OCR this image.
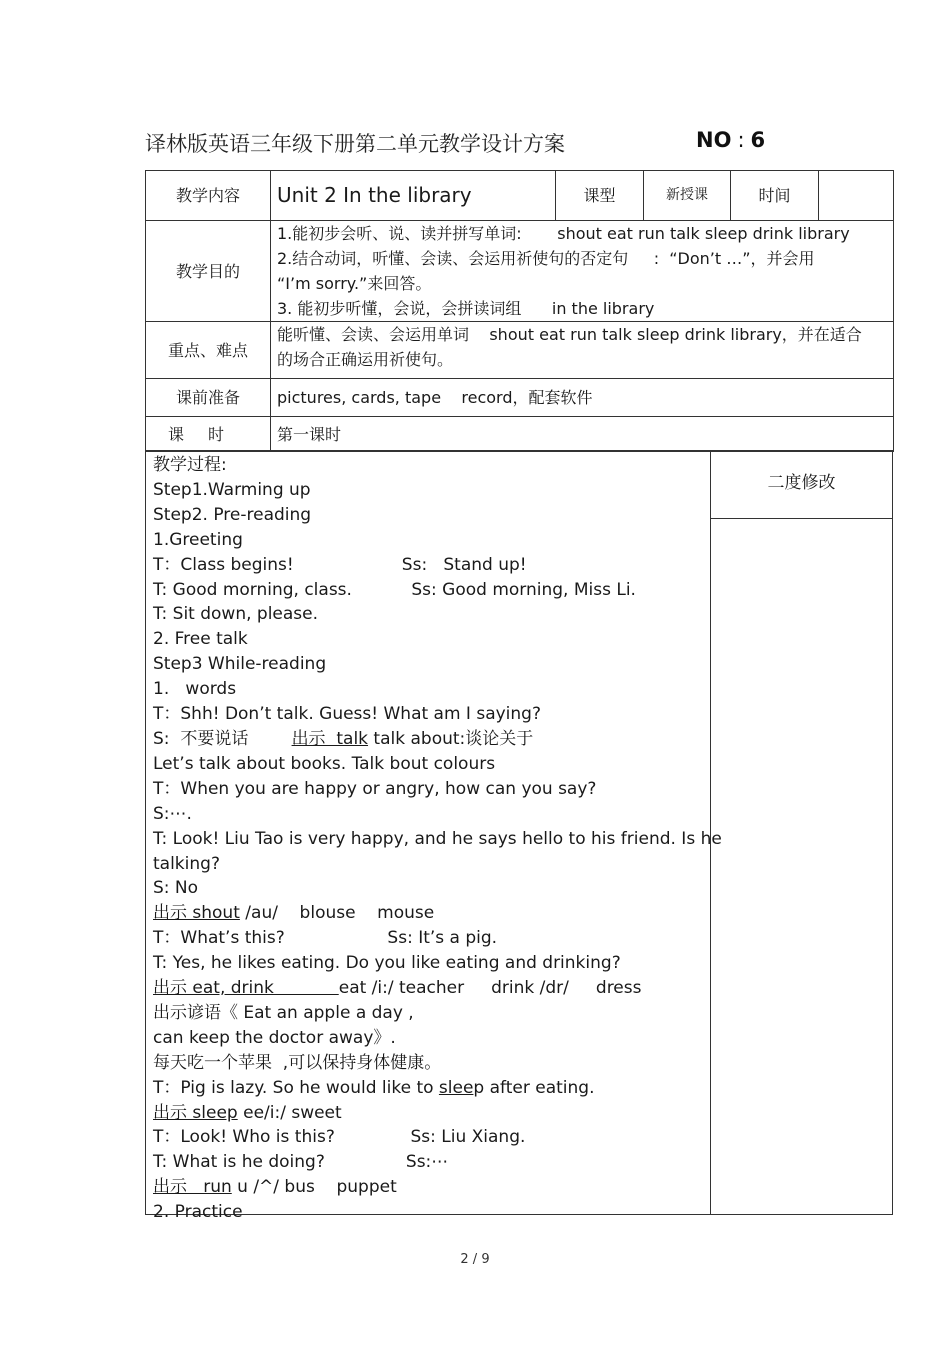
译林版英语三年级下册第二单元教学设计方案	NO : 6
教学内容	Unit 2 In the library	课型	新授课	时间	
教学目的	1.能初步会听、说、读并拼写单词:       shout eat run talk sleep drink library
2.结合动词，听懂、会读、会运用祈使句的否定句     :  “Don’t …”，并会用
“I’m sorry.”来回答。
3. 能初步听懂，会说，会拼读词组      in the library				

重点、难点	能听懂、会读、会运用单词    shout eat run talk sleep drink library，并在适合
的场合正确运用祈使句。				

课前准备	pictures, cards, tape    record，配套软件				
课时	第一课时				
教学过程:
Step1.Warming up
Step2. Pre-reading
1.Greeting
T：Class begins!                    Ss:   Stand up!
T: Good morning, class.           Ss: Good morning, Miss Li.
T: Sit down, please.
2. Free talk
Step3 While-reading
1.   words
T：Shh! Don’t talk. Guess! What am I saying?
S:  不要说话        出示  talk talk about:谈论关于
Let’s talk about books. Talk bout colours
T：When you are happy or angry, how can you say?
S:⋯.
T: Look! Liu Tao is very happy, and he says hello to his friend. Is he
talking?
S: No
出示 shout /au/    blouse    mouse
T：What’s this?                   Ss: It’s a pig.
T: Yes, he likes eating. Do you like eating and drinking?
出示 eat, drink            eat /i:/ teacher     drink /dr/     dress
出示谚语《 Eat an apple a day ,
can keep the doctor away》.
每天吃一个苹果  ,可以保持身体健康。
T：Pig is lazy. So he would like to sleep after eating.
出示 sleep ee/i:/ sweet
T：Look! Who is this?              Ss: Liu Xiang.
T: What is he doing?               Ss:⋯
出示   run u /^/ bus    puppet
2. Practice
二度修改
2 / 9
